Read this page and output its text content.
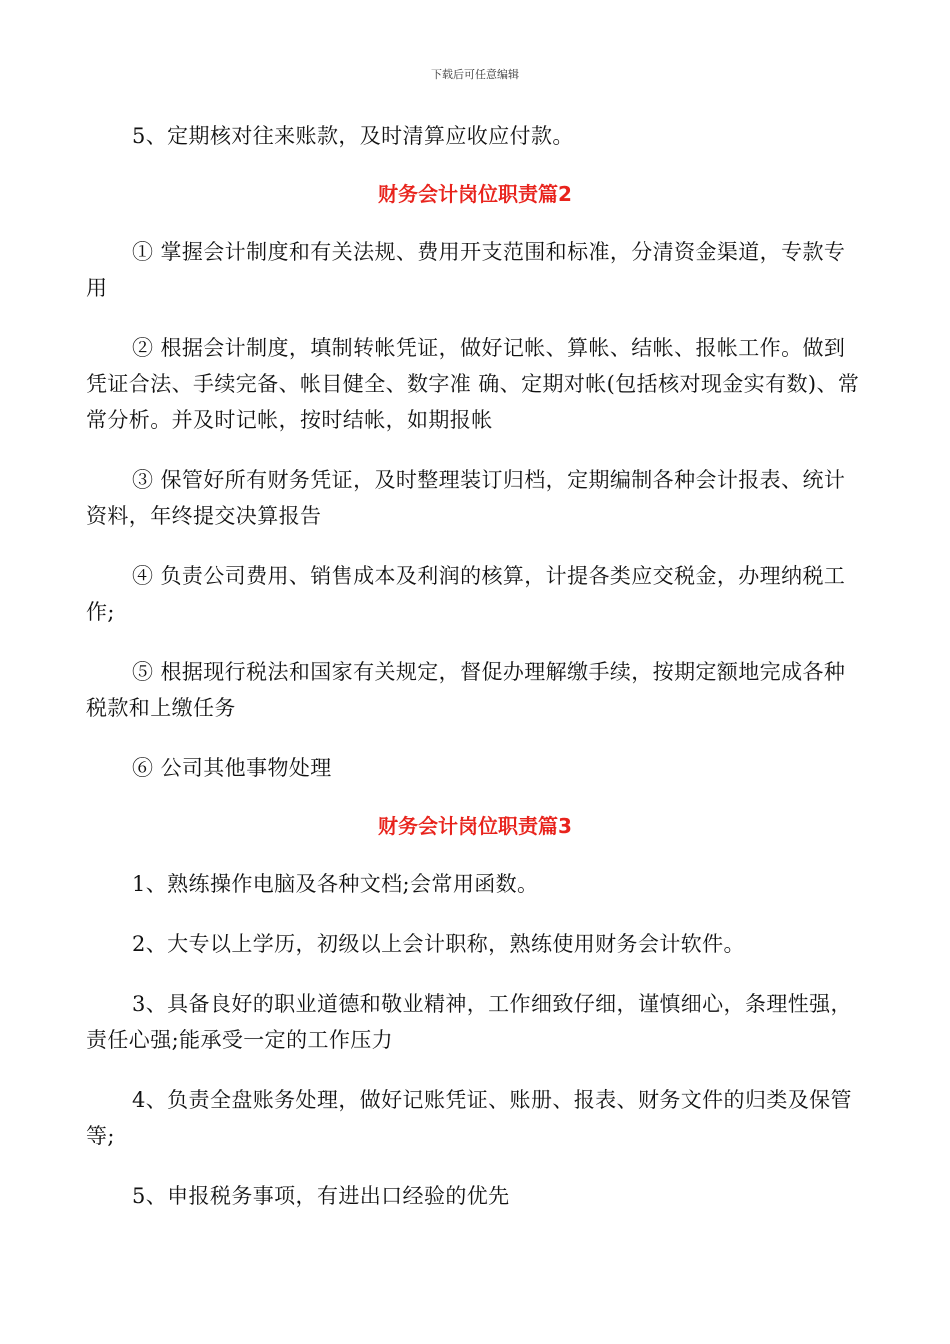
下载后可任意编辑

5、定期核对往来账款，及时清算应收应付款。

财务会计岗位职责篇2

① 掌握会计制度和有关法规、费用开支范围和标准，分清资金渠道，专款专用

② 根据会计制度，填制转帐凭证，做好记帐、算帐、结帐、报帐工作。做到凭证合法、手续完备、帐目健全、数字准 确、定期对帐(包括核对现金实有数)、常常分析。并及时记帐，按时结帐，如期报帐

③ 保管好所有财务凭证，及时整理装订归档，定期编制各种会计报表、统计资料，年终提交决算报告

④ 负责公司费用、销售成本及利润的核算，计提各类应交税金，办理纳税工作;

⑤ 根据现行税法和国家有关规定，督促办理解缴手续，按期定额地完成各种税款和上缴任务

⑥ 公司其他事物处理

财务会计岗位职责篇3

1、熟练操作电脑及各种文档;会常用函数。

2、大专以上学历，初级以上会计职称，熟练使用财务会计软件。

3、具备良好的职业道德和敬业精神，工作细致仔细，谨慎细心，条理性强，责任心强;能承受一定的工作压力

4、负责全盘账务处理，做好记账凭证、账册、报表、财务文件的归类及保管等;

5、申报税务事项，有进出口经验的优先
